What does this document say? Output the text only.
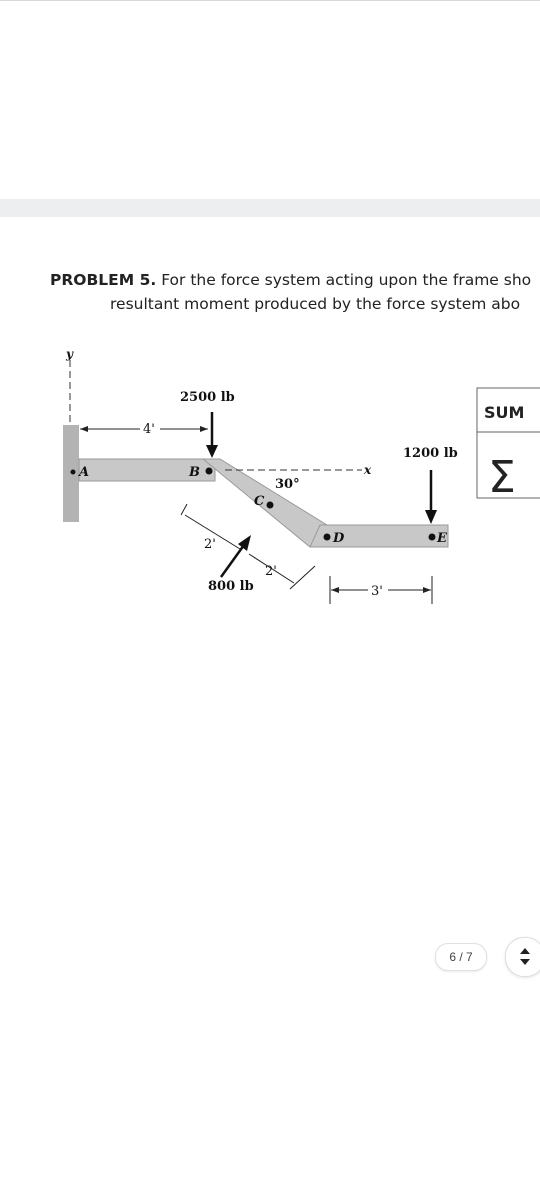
PROBLEM 5. For the force system acting upon the frame sho
resultant moment produced by the force system abo
y
4'
2500 lb
A	B	x
30°
C
D	E
1200 lb
800 lb
2'
2'
3'
SUM
Σ
6 / 7
